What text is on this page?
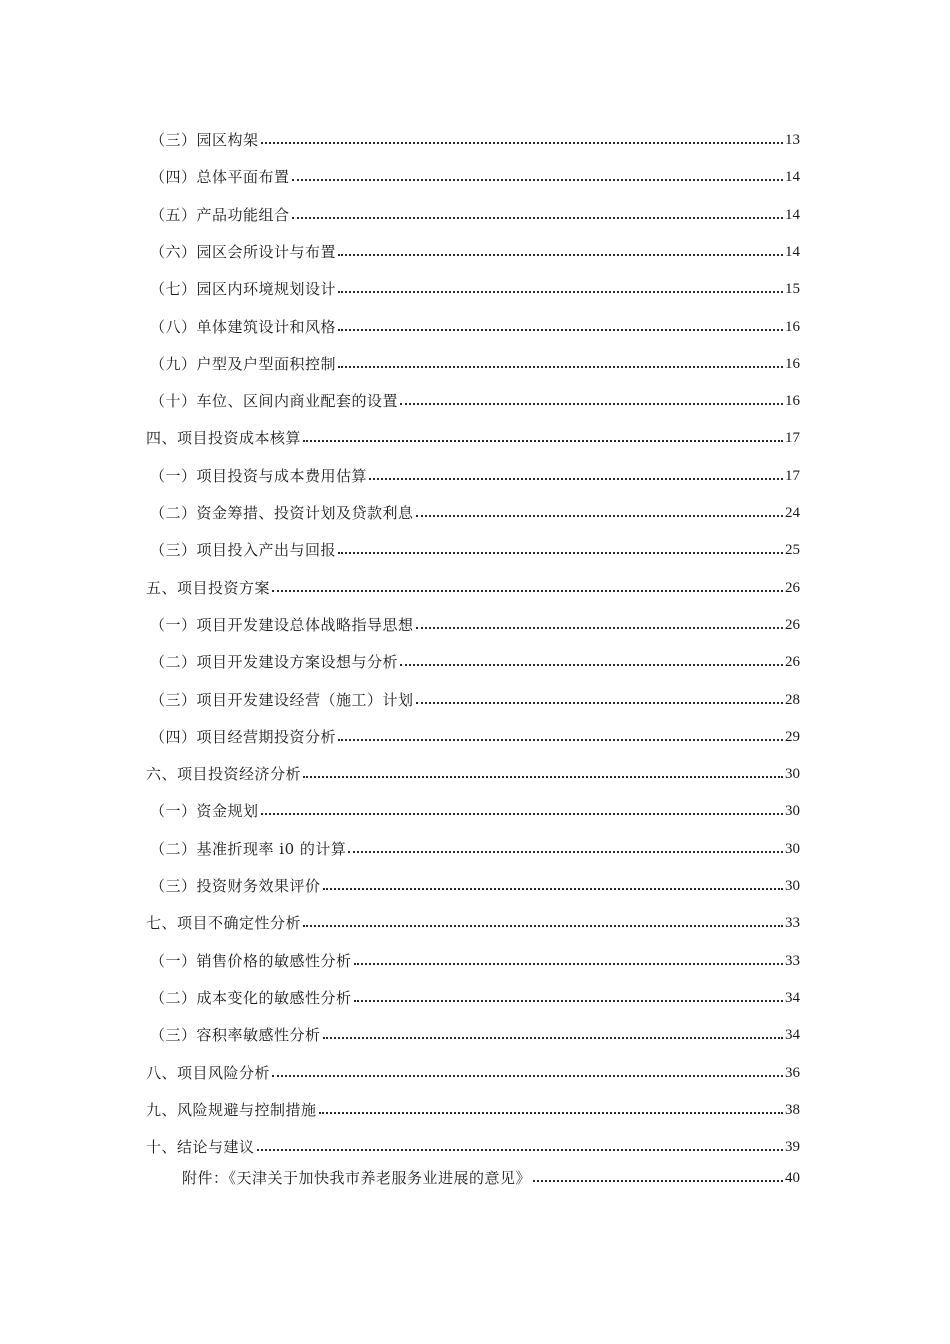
（三）园区构架	13
（四）总体平面布置	14
（五）产品功能组合	14
（六）园区会所设计与布置	14
（七）园区内环境规划设计	15
（八）单体建筑设计和风格	16
（九）户型及户型面积控制	16
（十）车位、区间内商业配套的设置	16
四、项目投资成本核算	17
（一）项目投资与成本费用估算	17
（二）资金筹措、投资计划及贷款利息	24
（三）项目投入产出与回报	25
五、项目投资方案	26
（一）项目开发建设总体战略指导思想	26
（二）项目开发建设方案设想与分析	26
（三）项目开发建设经营（施工）计划	28
（四）项目经营期投资分析	29
六、项目投资经济分析	30
（一）资金规划	30
（二）基准折现率 i0 的计算	30
（三）投资财务效果评价	30
七、项目不确定性分析	33
（一）销售价格的敏感性分析	33
（二）成本变化的敏感性分析	34
（三）容积率敏感性分析	34
八、项目风险分析	36
九、风险规避与控制措施	38
十、结论与建议	39
附件：《天津关于加快我市养老服务业进展的意见》	40
